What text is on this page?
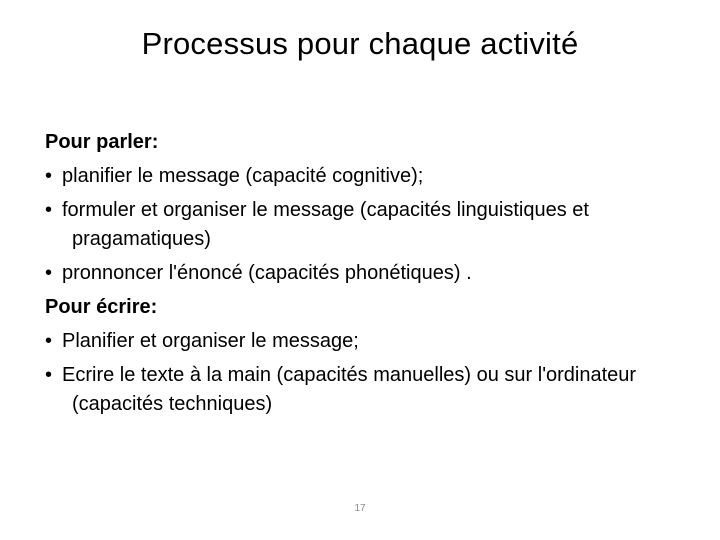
Processus pour chaque activité

Pour parler:

• planifier le message (capacité cognitive);

• formuler et organiser le message (capacités linguistiques et pragamatiques)

• pronnoncer l'énoncé (capacités phonétiques) .

Pour écrire:

• Planifier et organiser le message;

• Ecrire le texte à la main (capacités manuelles) ou sur l'ordinateur (capacités techniques)

17
